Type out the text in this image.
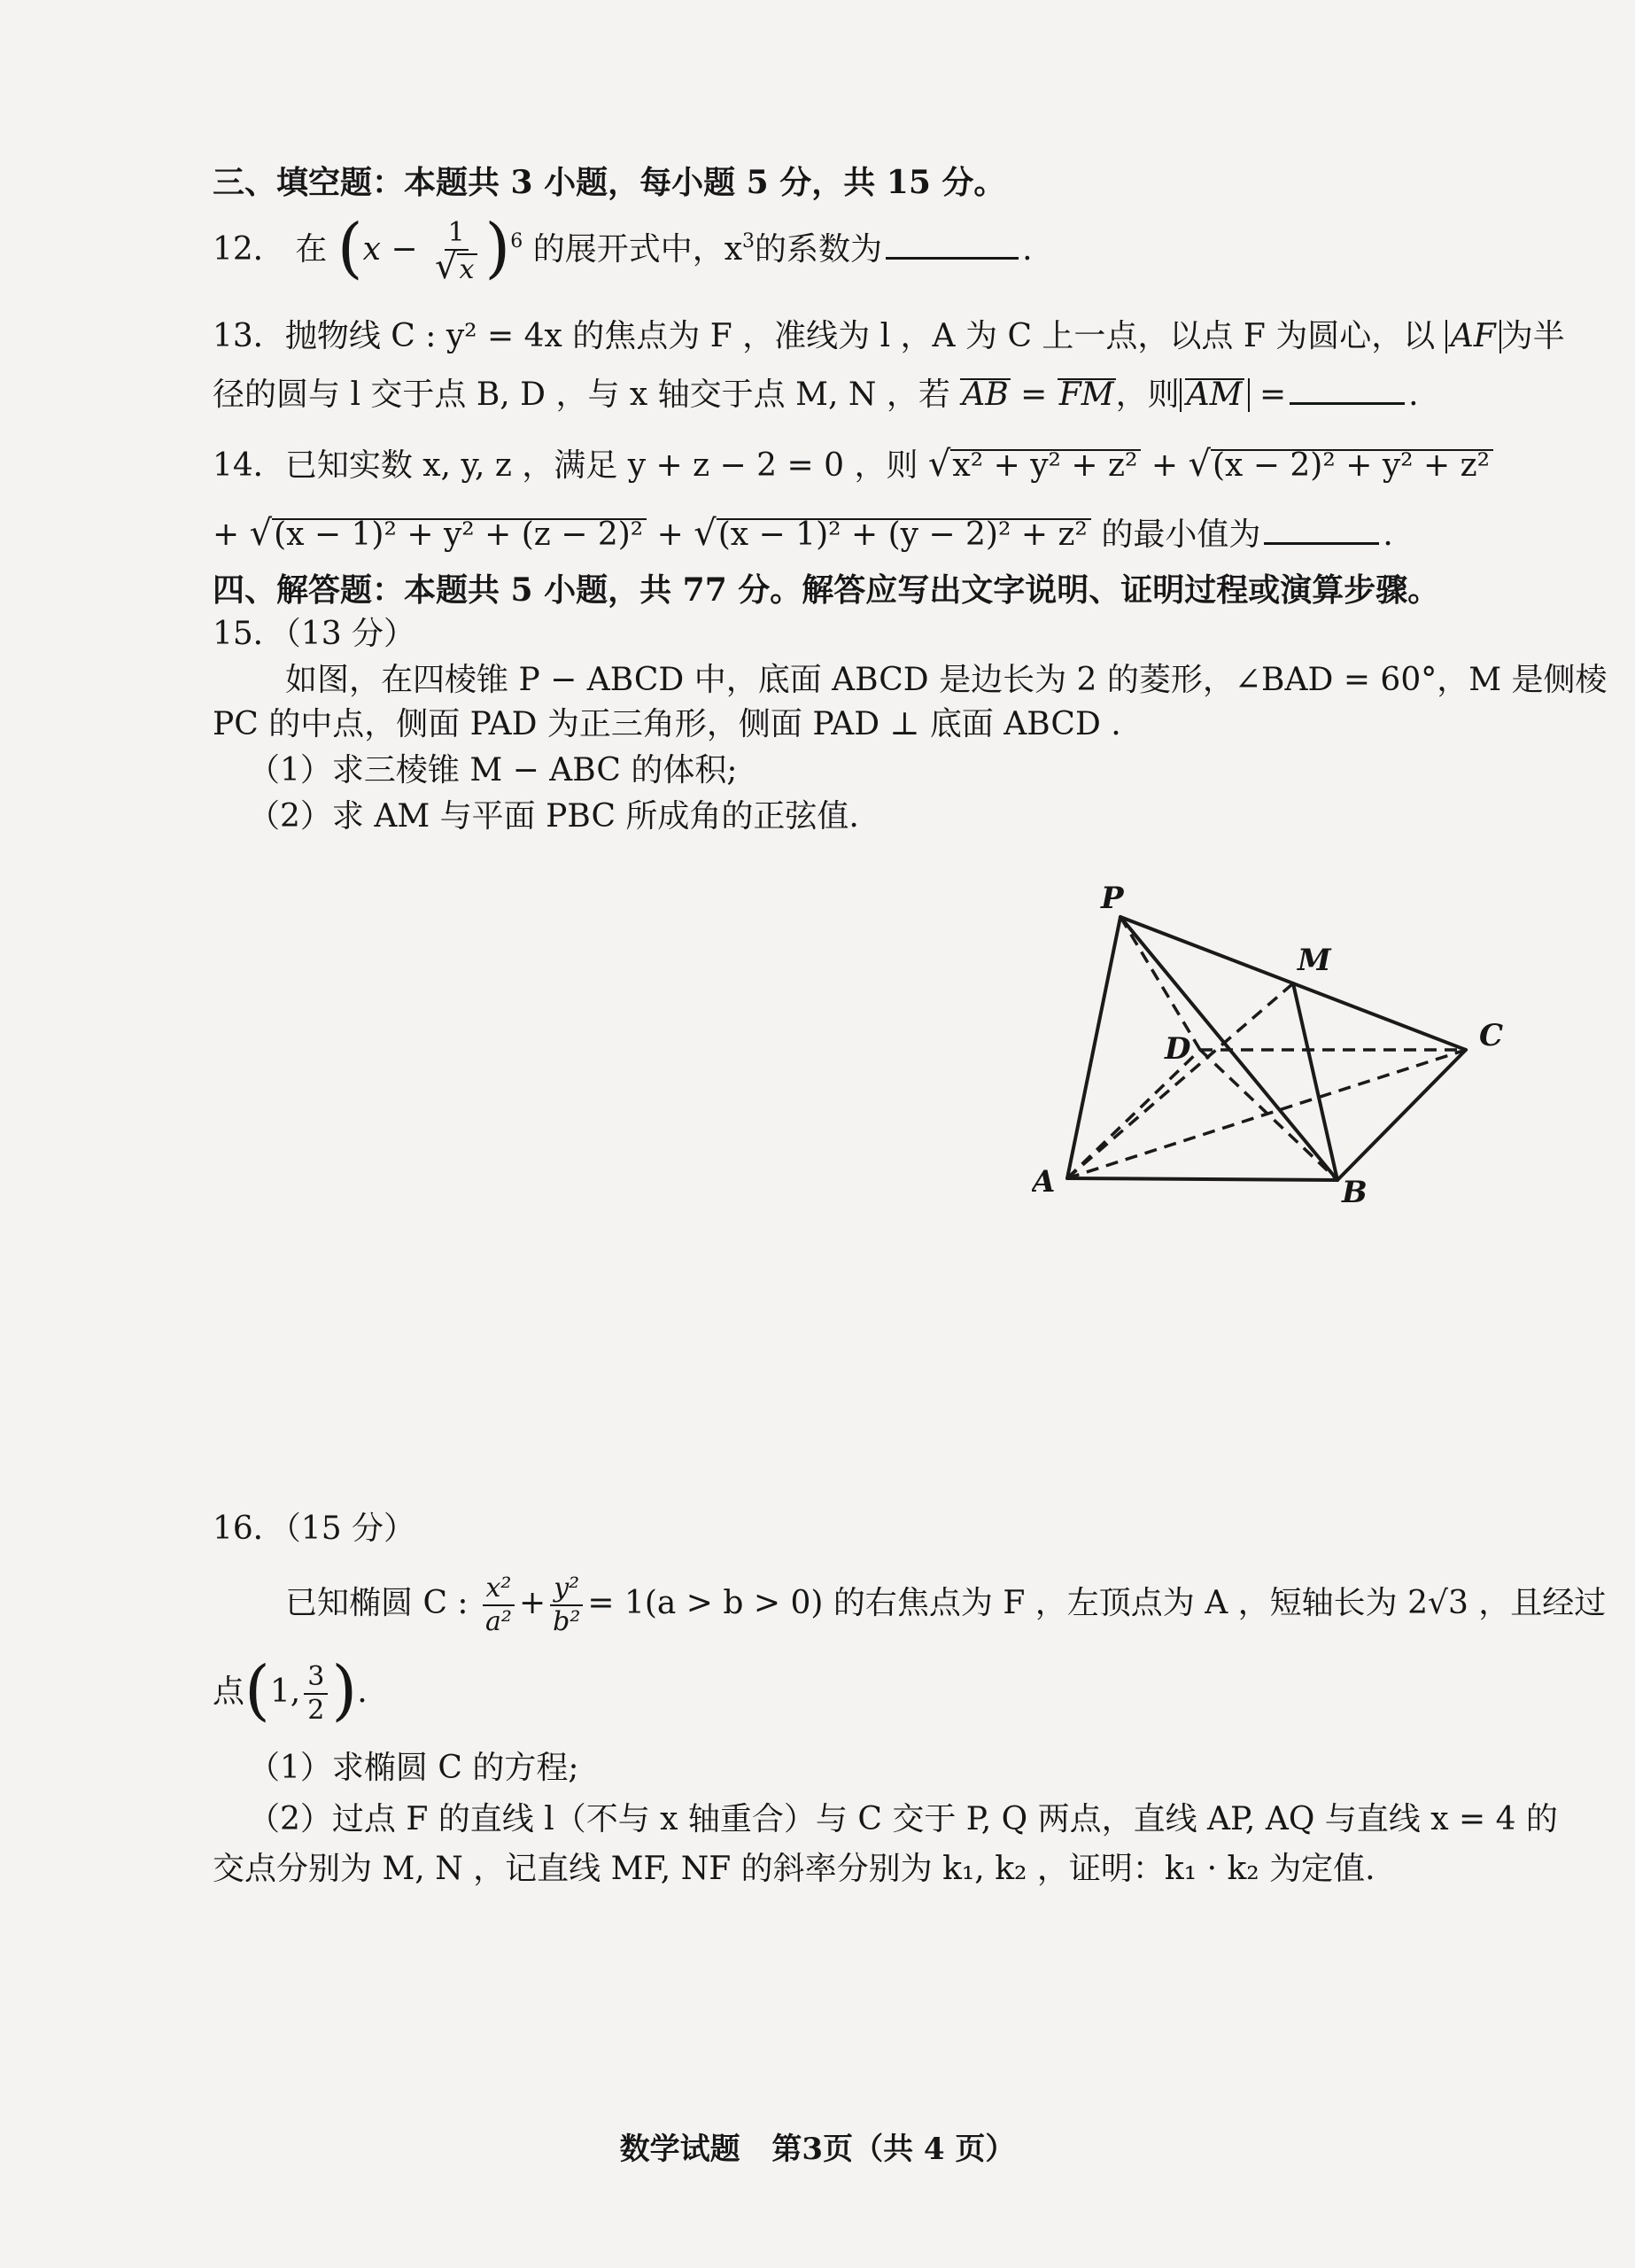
三、填空题：本题共 3 小题，每小题 5 分，共 15 分。
12． 在 $(x - \frac{1}{√x} )^6$ 的展开式中，$x^3$的系数为	.
13．抛物线 C : y² = 4x 的焦点为 F ，准线为 l ，A 为 C 上一点，以点 F 为圆心，以 AF 为半
径的圆与 l 交于点 B, D ，与 x 轴交于点 M, N ，若 AB = FM，则 AM =	.
14．已知实数 x, y, z ，满足 y + z − 2 = 0 ，则 √x² + y² + z² + √(x − 2)² + y² + z²
+ √(x − 1)² + y² + (z − 2)² + √(x − 1)² + (y − 2)² + z² 的最小值为	.
四、解答题：本题共 5 小题，共 77 分。解答应写出文字说明、证明过程或演算步骤。
15．（13 分）
如图，在四棱锥 P − ABCD 中，底面 ABCD 是边长为 2 的菱形，∠BAD = 60°，M 是侧棱
PC 的中点，侧面 PAD 为正三角形，侧面 PAD ⊥ 底面 ABCD .
（1）求三棱锥 M − ABC 的体积;
（2）求 AM 与平面 PBC 所成角的正弦值.
P
M
C
D
A	B
16．（15 分）
已知椭圆 C : $\frac{\text{x²}}{\text{a²}} + \frac{\text{y²}}{\text{b²}} = 1(a > b > 0)$ 的右焦点为 F ，左顶点为 A ，短轴长为 2√3 ，且经过
点(1, $\frac{3}{2}$ ).
（1）求椭圆 C 的方程;
（2）过点 F 的直线 l（不与 x 轴重合）与 C 交于 P, Q 两点，直线 AP, AQ 与直线 x = 4 的
交点分别为 M, N ，记直线 MF, NF 的斜率分别为 k₁, k₂ ，证明：k₁ · k₂ 为定值.
数学试题 第3页（共 4 页）
